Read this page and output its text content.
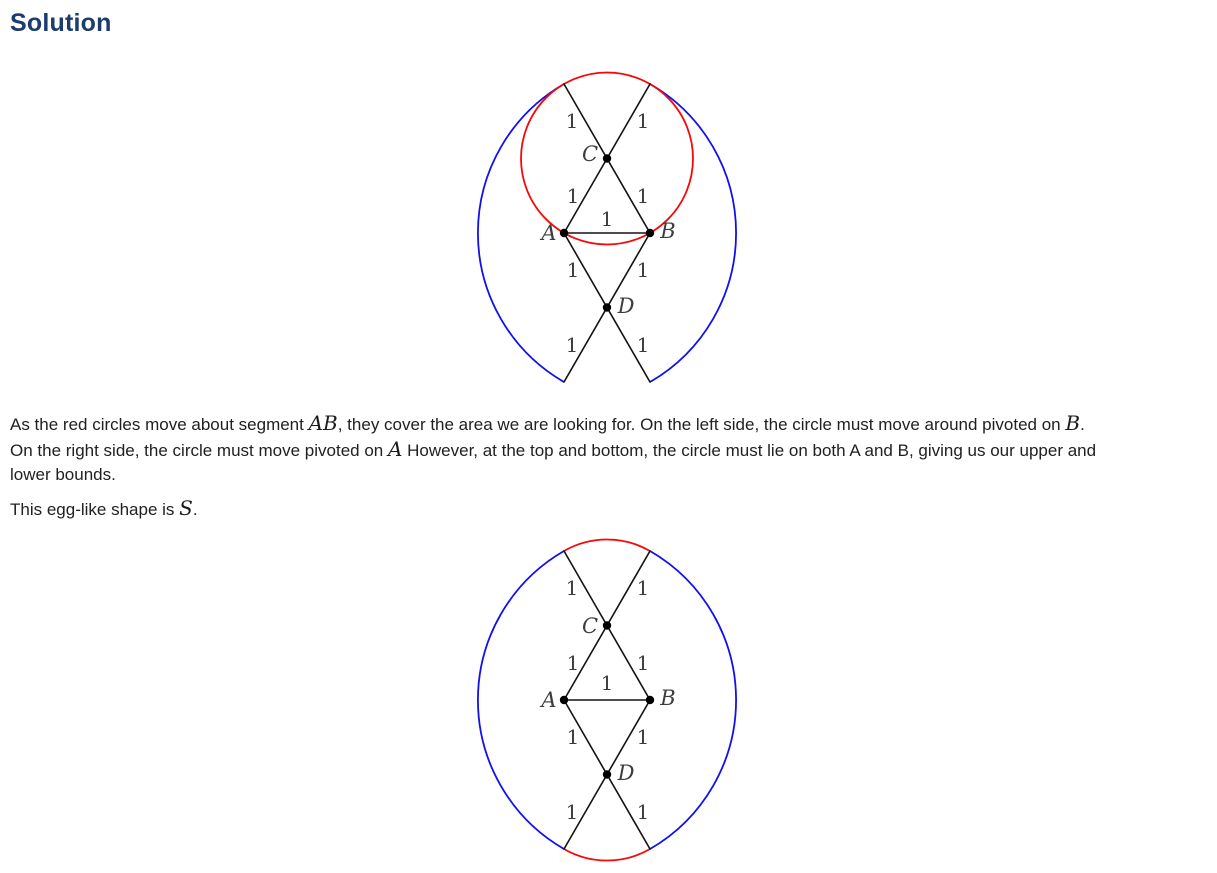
Solution
A	B
C
D
1	1
1	1
1
1	1
1	1
As the red circles move about segment AB, they cover the area we are looking for. On the left side, the circle must move around pivoted on B.
On the right side, the circle must move pivoted on A However, at the top and bottom, the circle must lie on both A and B, giving us our upper and
lower bounds.
This egg-like shape is S.
A	B
C
D
1	1
1	1
1
1	1
1	1
